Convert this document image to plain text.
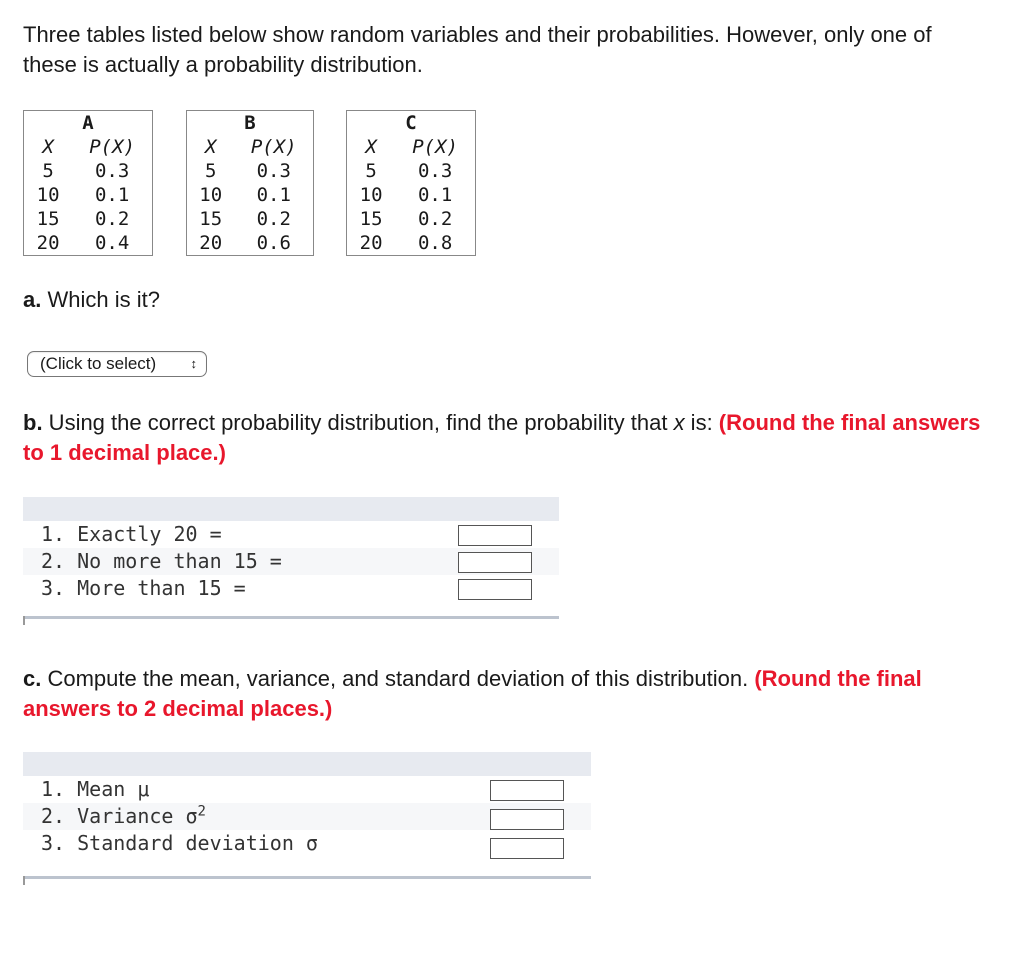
Three tables listed below show random variables and their probabilities. However, only one of these is actually a probability distribution.

A	
X	P(X)
5	0.3
10	0.1
15	0.2
20	0.4
B	
X	P(X)
5	0.3
10	0.1
15	0.2
20	0.6
C	
X	P(X)
5	0.3
10	0.1
15	0.2
20	0.8

a. Which is it?

(Click to select)	↕

b. Using the correct probability distribution, find the probability that x is: (Round the final answers to 1 decimal place.)

1. Exactly 20 =
2. No more than 15 =
3. More than 15 =

c. Compute the mean, variance, and standard deviation of this distribution. (Round the final answers to 2 decimal places.)

1. Mean μ
2. Variance $\sigma^2$
3. Standard deviation σ
